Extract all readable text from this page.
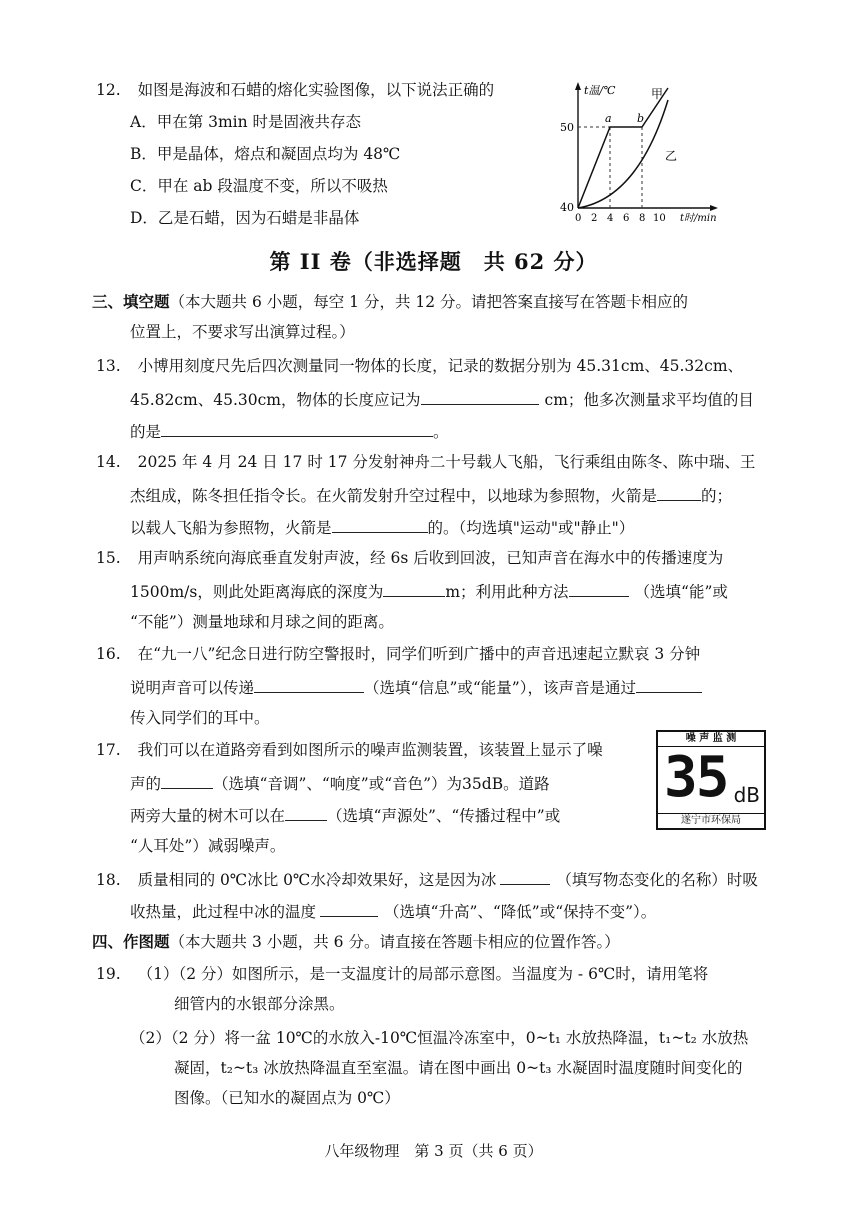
12. 如图是海波和石蜡的熔化实验图像，以下说法正确的
A．甲在第 3min 时是固液共存态
B．甲是晶体，熔点和凝固点均为 48℃
C．甲在 ab 段温度不变，所以不吸热
D．乙是石蜡，因为石蜡是非晶体
t温/℃
50
40
0 2 4 6 8 10 t时/min
a b
甲
乙
第 II 卷（非选择题　共 62 分）
三、填空题（本大题共 6 小题，每空 1 分，共 12 分。请把答案直接写在答题卡相应的
位置上，不要求写出演算过程。）
13. 小博用刻度尺先后四次测量同一物体的长度，记录的数据分别为 45.31cm、45.32cm、
45.82cm、45.30cm，物体的长度应记为	cm；他多次测量求平均值的目
的是	。
14. 2025 年 4 月 24 日 17 时 17 分发射神舟二十号载人飞船，飞行乘组由陈冬、陈中瑞、王
杰组成，陈冬担任指令长。在火箭发射升空过程中，以地球为参照物，火箭是	的；
以载人飞船为参照物，火箭是	的。（均选填"运动"或"静止"）
15. 用声呐系统向海底垂直发射声波，经 6s 后收到回波，已知声音在海水中的传播速度为
1500m/s，则此处距离海底的深度为	m；利用此种方法	（选填“能”或
“不能”）测量地球和月球之间的距离。
16. 在“九一八”纪念日进行防空警报时，同学们听到广播中的声音迅速起立默哀 3 分钟
说明声音可以传递	（选填“信息”或“能量”），该声音是通过
传入同学们的耳中。
17. 我们可以在道路旁看到如图所示的噪声监测装置，该装置上显示了噪
声的	（选填“音调”、“响度”或“音色”）为35dB。道路
两旁大量的树木可以在	（选填“声源处”、“传播过程中”或
“人耳处”）减弱噪声。
噪 声 监 测
35 dB
遂宁市环保局
18. 质量相同的 0℃冰比 0℃水冷却效果好，这是因为冰	（填写物态变化的名称）时吸
收热量，此过程中冰的温度	（选填“升高”、“降低”或“保持不变”）。
四、作图题（本大题共 3 小题，共 6 分。请直接在答题卡相应的位置作答。）
19. （1）（2 分）如图所示，是一支温度计的局部示意图。当温度为 - 6℃时，请用笔将
细管内的水银部分涂黑。
（2）（2 分）将一盆 10℃的水放入-10℃恒温冷冻室中，0~t₁ 水放热降温，t₁~t₂ 水放热
凝固，t₂~t₃ 冰放热降温直至室温。请在图中画出 0~t₃ 水凝固时温度随时间变化的
图像。（已知水的凝固点为 0℃）
八年级物理　第 3 页（共 6 页）
